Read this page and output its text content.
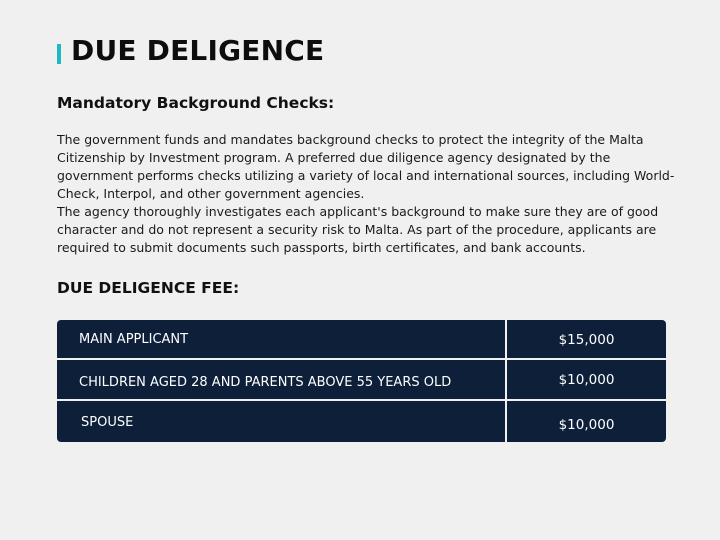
DUE DELIGENCE
Mandatory Background Checks:

The government funds and mandates background checks to protect the integrity of the Malta Citizenship by Investment program. A preferred due diligence agency designated by the government performs checks utilizing a variety of local and international sources, including World-Check, Interpol, and other government agencies.

The agency thoroughly investigates each applicant's background to make sure they are of good character and do not represent a security risk to Malta. As part of the procedure, applicants are required to submit documents such passports, birth certificates, and bank accounts.

DUE DELIGENCE FEE:
MAIN APPLICANT	$15,000
CHILDREN AGED 28 AND PARENTS ABOVE 55 YEARS OLD	$10,000
SPOUSE	$10,000
